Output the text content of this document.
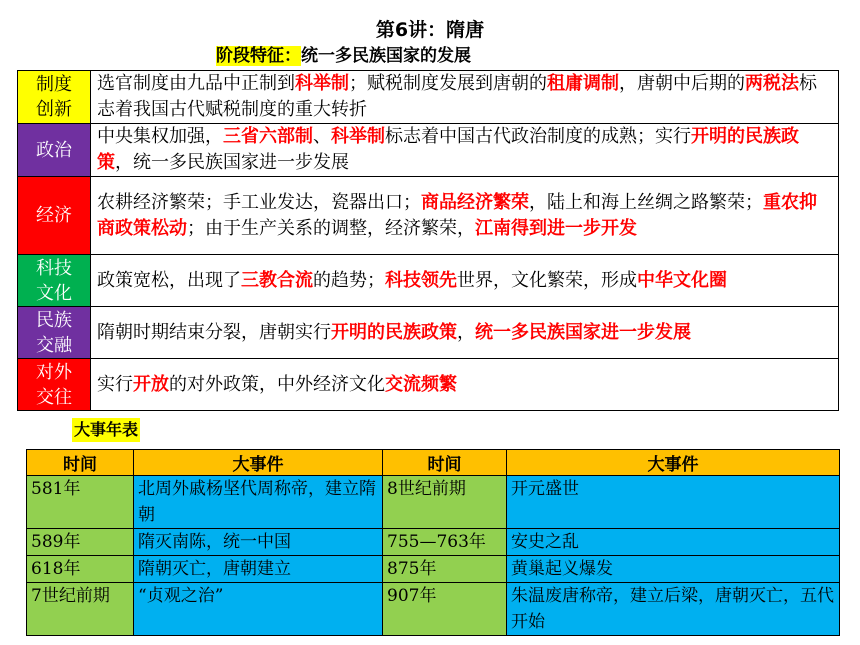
第6讲：隋唐
阶段特征：统一多民族国家的发展
制度
创新	选官制度由九品中正制到科举制；赋税制度发展到唐朝的租庸调制，唐朝中后期的两税法标志着我国古代赋税制度的重大转折

政治	中央集权加强，三省六部制、科举制标志着中国古代政治制度的成熟；实行开明的民族政策，统一多民族国家进一步发展

经济	农耕经济繁荣；手工业发达，瓷器出口；商品经济繁荣，陆上和海上丝绸之路繁荣；重农抑商政策松动；由于生产关系的调整，经济繁荣，江南得到进一步开发

科技
文化	政策宽松，出现了三教合流的趋势；科技领先世界，文化繁荣，形成中华文化圈

民族
交融	隋朝时期结束分裂，唐朝实行开明的民族政策，统一多民族国家进一步发展

对外
交往	实行开放的对外政策，中外经济文化交流频繁
大事年表
时间	大事件	时间	大事件
581年	北周外戚杨坚代周称帝，建立隋朝	8世纪前期	开元盛世
589年	隋灭南陈，统一中国	755—763年	安史之乱
618年	隋朝灭亡，唐朝建立	875年	黄巢起义爆发
7世纪前期	“贞观之治”	907年	朱温废唐称帝，建立后梁，唐朝灭亡，五代开始
